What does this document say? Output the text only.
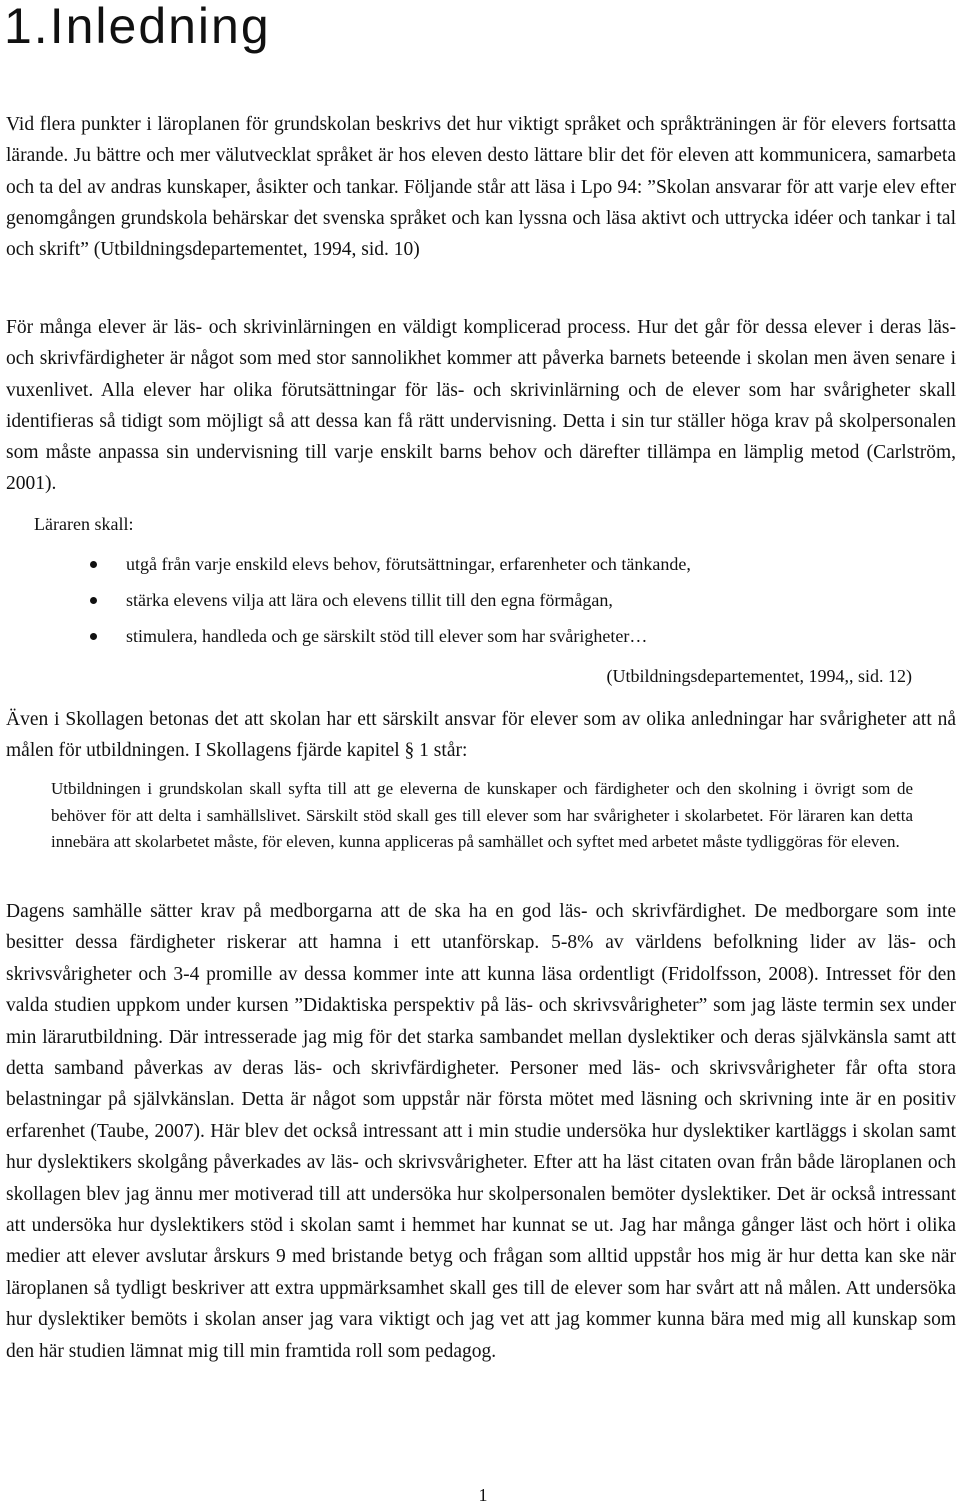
1.Inledning

Vid flera punkter i läroplanen för grundskolan beskrivs det hur viktigt språket och språkträningen är för elevers fortsatta lärande. Ju bättre och mer välutvecklat språket är hos eleven desto lättare blir det för eleven att kommunicera, samarbeta och ta del av andras kunskaper, åsikter och tankar. Följande står att läsa i Lpo 94: ”Skolan ansvarar för att varje elev efter genomgången grundskola behärskar det svenska språket och kan lyssna och läsa aktivt och uttrycka idéer och tankar i tal och skrift” (Utbildningsdepartementet, 1994, sid. 10)

För många elever är läs- och skrivinlärningen en väldigt komplicerad process. Hur det går för dessa elever i deras läs- och skrivfärdigheter är något som med stor sannolikhet kommer att påverka barnets beteende i skolan men även senare i vuxenlivet. Alla elever har olika förutsättningar för läs- och skrivinlärning och de elever som har svårigheter skall identifieras så tidigt som möjligt så att dessa kan få rätt undervisning. Detta i sin tur ställer höga krav på skolpersonalen som måste anpassa sin undervisning till varje enskilt barns behov och därefter tillämpa en lämplig metod (Carlström, 2001).

Läraren skall:

utgå från varje enskild elevs behov, förutsättningar, erfarenheter och tänkande,
stärka elevens vilja att lära och elevens tillit till den egna förmågan,
stimulera, handleda och ge särskilt stöd till elever som har svårigheter…

(Utbildningsdepartementet, 1994,, sid. 12)

Även i Skollagen betonas det att skolan har ett särskilt ansvar för elever som av olika anledningar har svårigheter att nå målen för utbildningen. I Skollagens fjärde kapitel § 1 står:

Utbildningen i grundskolan skall syfta till att ge eleverna de kunskaper och färdigheter och den skolning i övrigt som de behöver för att delta i samhällslivet. Särskilt stöd skall ges till elever som har svårigheter i skolarbetet. För läraren kan detta innebära att skolarbetet måste, för eleven, kunna appliceras på samhället och syftet med arbetet måste tydliggöras för eleven.

Dagens samhälle sätter krav på medborgarna att de ska ha en god läs- och skrivfärdighet. De medborgare som inte besitter dessa färdigheter riskerar att hamna i ett utanförskap. 5-8% av världens befolkning lider av läs- och skrivsvårigheter och 3-4 promille av dessa kommer inte att kunna läsa ordentligt (Fridolfsson, 2008). Intresset för den valda studien uppkom under kursen ”Didaktiska perspektiv på läs- och skrivsvårigheter” som jag läste termin sex under min lärarutbildning. Där intresserade jag mig för det starka sambandet mellan dyslektiker och deras självkänsla samt att detta samband påverkas av deras läs- och skrivfärdigheter. Personer med läs- och skrivsvårigheter får ofta stora belastningar på självkänslan. Detta är något som uppstår när första mötet med läsning och skrivning inte är en positiv erfarenhet (Taube, 2007). Här blev det också intressant att i min studie undersöka hur dyslektiker kartläggs i skolan samt hur dyslektikers skolgång påverkades av läs- och skrivsvårigheter. Efter att ha läst citaten ovan från både läroplanen och skollagen blev jag ännu mer motiverad till att undersöka hur skolpersonalen bemöter dyslektiker. Det är också intressant att undersöka hur dyslektikers stöd i skolan samt i hemmet har kunnat se ut. Jag har många gånger läst och hört i olika medier att elever avslutar årskurs 9 med bristande betyg och frågan som alltid uppstår hos mig är hur detta kan ske när läroplanen så tydligt beskriver att extra uppmärksamhet skall ges till de elever som har svårt att nå målen. Att undersöka hur dyslektiker bemöts i skolan anser jag vara viktigt och jag vet att jag kommer kunna bära med mig all kunskap som den här studien lämnat mig till min framtida roll som pedagog.

1
